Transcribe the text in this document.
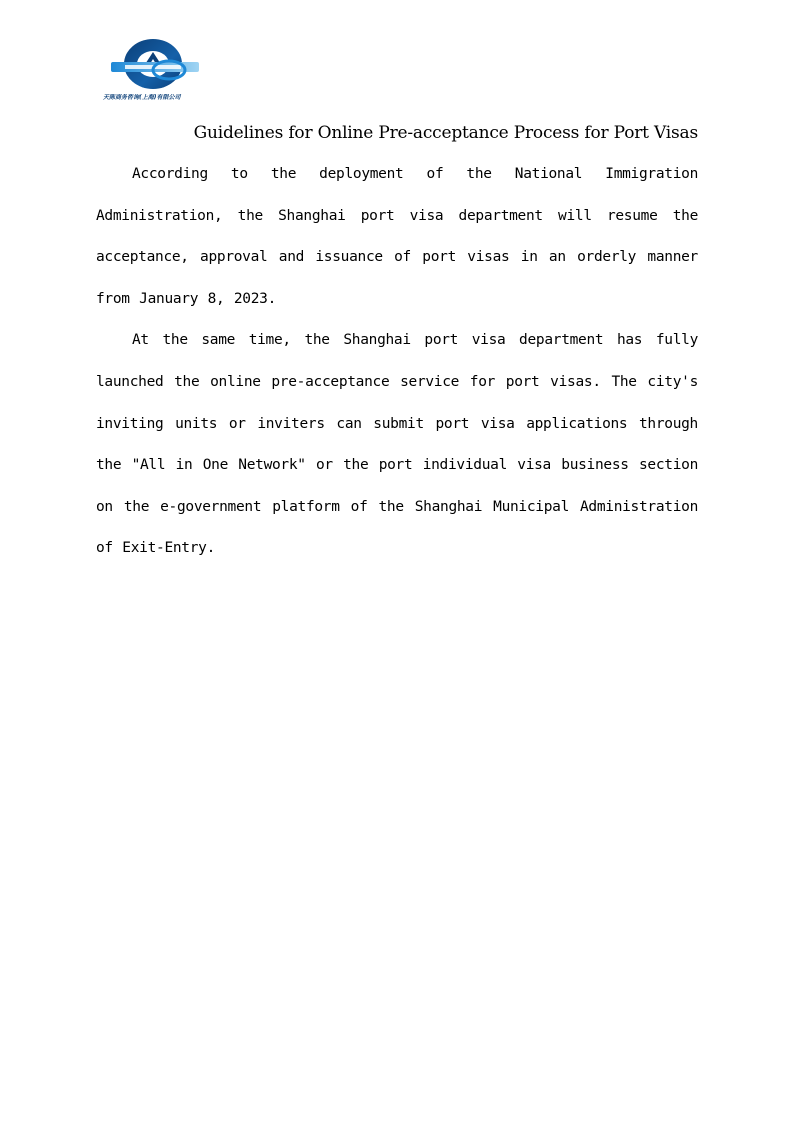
天陈商务咨询(上海)有限公司
Guidelines for Online Pre-acceptance Process for Port Visas

According to the deployment of the National Immigration Administration, the Shanghai port visa department will resume the acceptance, approval and issuance of port visas in an orderly manner from January 8, 2023.

At the same time, the Shanghai port visa department has fully launched the online pre-acceptance service for port visas. The city's inviting units or inviters can submit port visa applications through the "All in One Network" or the port individual visa business section on the e-government platform of the Shanghai Municipal Administration of Exit-Entry.
